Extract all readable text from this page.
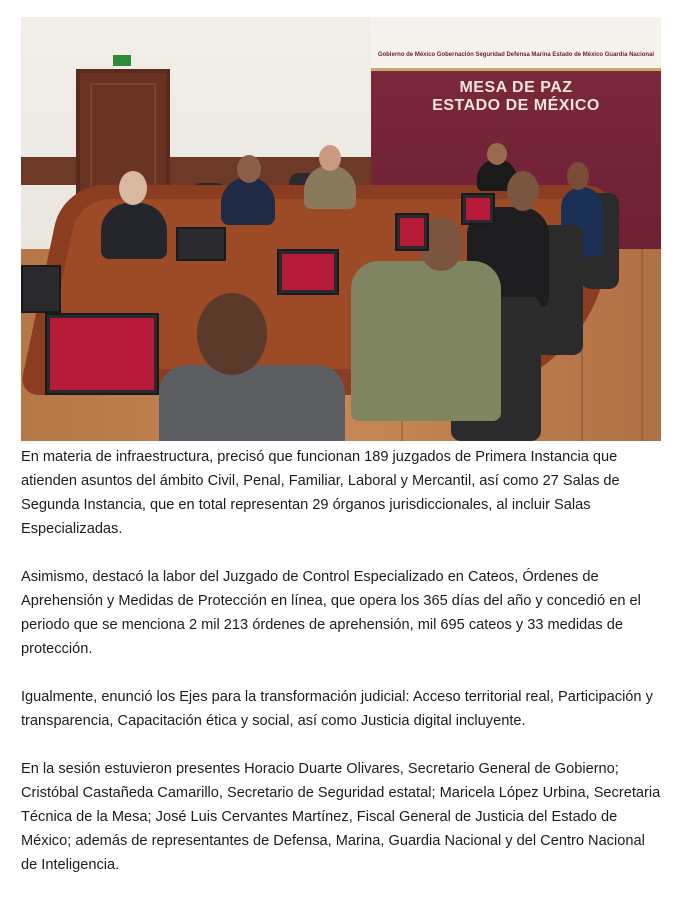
Gobierno de México Gobernación Seguridad Defensa Marina Estado de México Guardia Nacional
MESA DE PAZ
ESTADO DE MÉXICO

En materia de infraestructura, precisó que funcionan 189 juzgados de Primera Instancia que atienden asuntos del ámbito Civil, Penal, Familiar, Laboral y Mercantil, así como 27 Salas de Segunda Instancia, que en total representan 29 órganos jurisdiccionales, al incluir Salas Especializadas.

Asimismo, destacó la labor del Juzgado de Control Especializado en Cateos, Órdenes de Aprehensión y Medidas de Protección en línea, que opera los 365 días del año y concedió en el periodo que se menciona 2 mil 213 órdenes de aprehensión, mil 695 cateos y 33 medidas de protección.

Igualmente, enunció los Ejes para la transformación judicial: Acceso territorial real, Participación y transparencia, Capacitación ética y social, así como Justicia digital incluyente.

En la sesión estuvieron presentes Horacio Duarte Olivares, Secretario General de Gobierno; Cristóbal Castañeda Camarillo, Secretario de Seguridad estatal; Maricela López Urbina, Secretaria Técnica de la Mesa; José Luis Cervantes Martínez, Fiscal General de Justicia del Estado de México; además de representantes de Defensa, Marina, Guardia Nacional y del Centro Nacional de Inteligencia.
